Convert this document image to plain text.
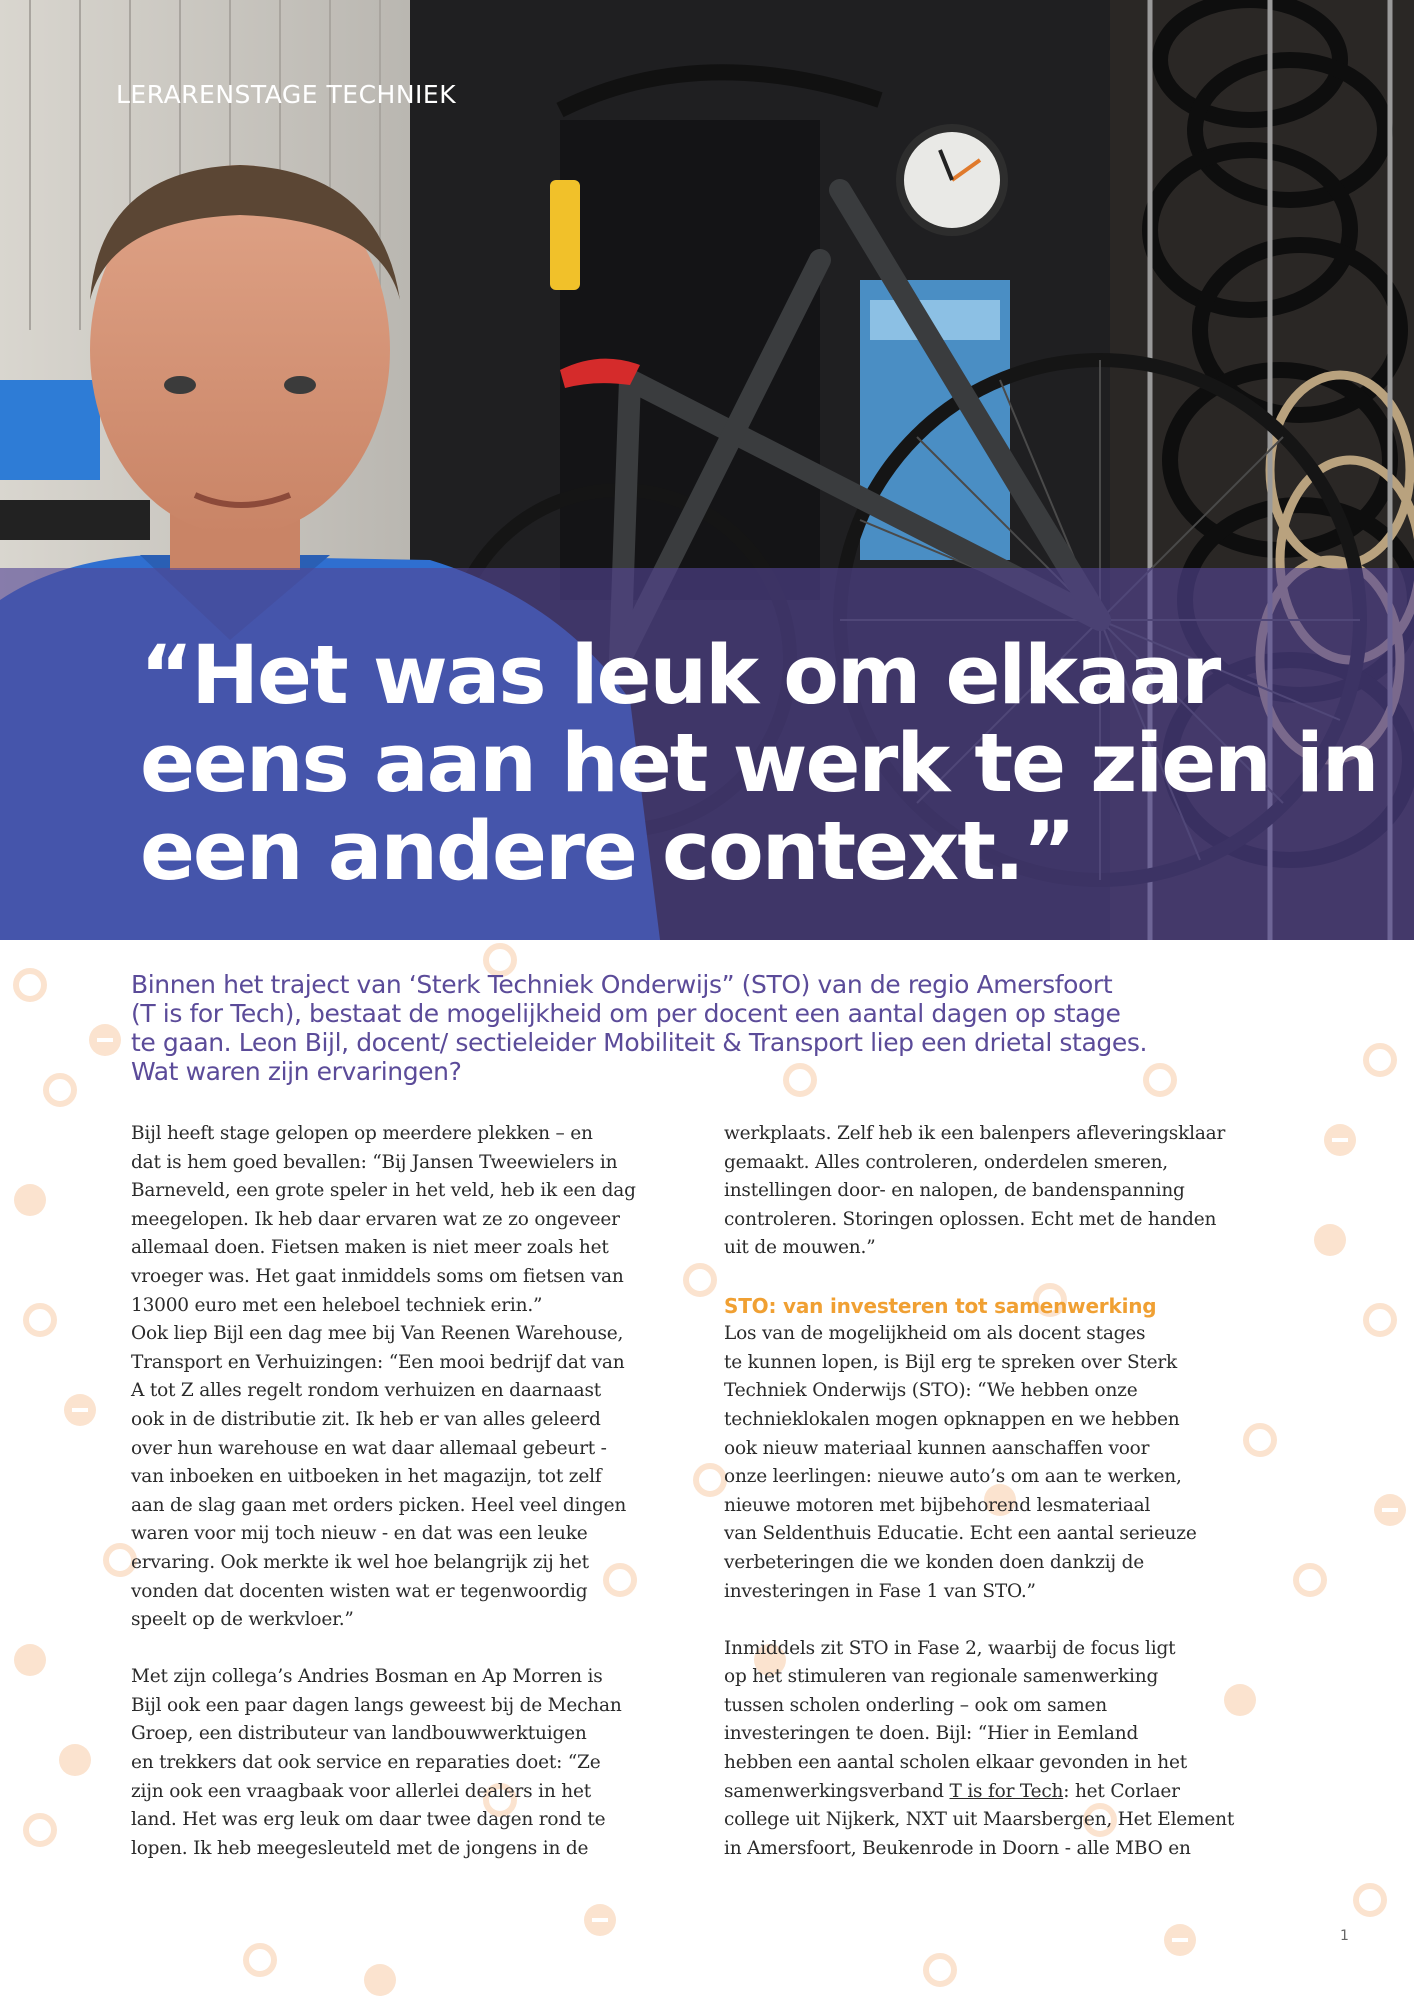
LERARENSTAGE TECHNIEK
“Het was leuk om elkaar
eens aan het werk te zien in
een andere context.”
Binnen het traject van ‘Sterk Techniek Onderwijs” (STO) van de regio Amersfoort
(T is for Tech), bestaat de mogelijkheid om per docent een aantal dagen op stage
te gaan. Leon Bijl, docent/ sectieleider Mobiliteit & Transport liep een drietal stages.
Wat waren zijn ervaringen?
Bijl heeft stage gelopen op meerdere plekken – en
dat is hem goed bevallen: “Bij Jansen Tweewielers in
Barneveld, een grote speler in het veld, heb ik een dag
meegelopen. Ik heb daar ervaren wat ze zo ongeveer
allemaal doen. Fietsen maken is niet meer zoals het
vroeger was. Het gaat inmiddels soms om fietsen van
13000 euro met een heleboel techniek erin.”
Ook liep Bijl een dag mee bij Van Reenen Warehouse,
Transport en Verhuizingen: “Een mooi bedrijf dat van
A tot Z alles regelt rondom verhuizen en daarnaast
ook in de distributie zit. Ik heb er van alles geleerd
over hun warehouse en wat daar allemaal gebeurt -
van inboeken en uitboeken in het magazijn, tot zelf
aan de slag gaan met orders picken. Heel veel dingen
waren voor mij toch nieuw - en dat was een leuke
ervaring. Ook merkte ik wel hoe belangrijk zij het
vonden dat docenten wisten wat er tegenwoordig
speelt op de werkvloer.”
Met zijn collega’s Andries Bosman en Ap Morren is
Bijl ook een paar dagen langs geweest bij de Mechan
Groep, een distributeur van landbouwwerktuigen
en trekkers dat ook service en reparaties doet: “Ze
zijn ook een vraagbaak voor allerlei dealers in het
land. Het was erg leuk om daar twee dagen rond te
lopen. Ik heb meegesleuteld met de jongens in de
werkplaats. Zelf heb ik een balenpers afleveringsklaar
gemaakt. Alles controleren, onderdelen smeren,
instellingen door- en nalopen, de bandenspanning
controleren. Storingen oplossen. Echt met de handen
uit de mouwen.”
STO: van investeren tot samenwerking
Los van de mogelijkheid om als docent stages
te kunnen lopen, is Bijl erg te spreken over Sterk
Techniek Onderwijs (STO): “We hebben onze
technieklokalen mogen opknappen en we hebben
ook nieuw materiaal kunnen aanschaffen voor
onze leerlingen: nieuwe auto’s om aan te werken,
nieuwe motoren met bijbehorend lesmateriaal
van Seldenthuis Educatie. Echt een aantal serieuze
verbeteringen die we konden doen dankzij de
investeringen in Fase 1 van STO.”
Inmiddels zit STO in Fase 2, waarbij de focus ligt
op het stimuleren van regionale samenwerking
tussen scholen onderling – ook om samen
investeringen te doen. Bijl: “Hier in Eemland
hebben een aantal scholen elkaar gevonden in het
samenwerkingsverband T is for Tech: het Corlaer
college uit Nijkerk, NXT uit Maarsbergen, Het Element
in Amersfoort, Beukenrode in Doorn - alle MBO en
1
